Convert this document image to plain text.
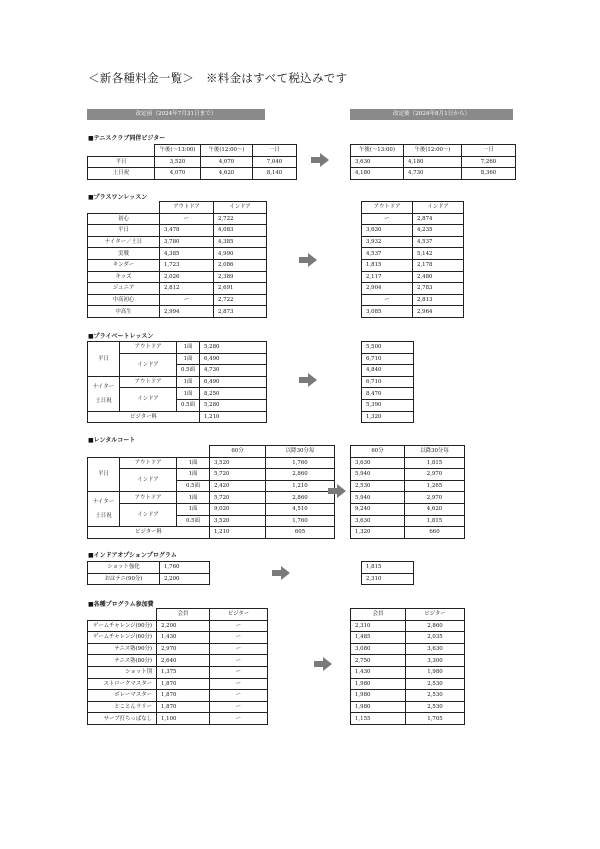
＜新各種料金一覧＞　※料金はすべて税込みです
改定前（2024年7月31日まで）	改定後（2024年8月1日から）
■テニスクラブ同伴ビジター
	午後(～13:00)	午後(12:00～)	一日
平日	3,520	4,070	7,040
土日祝	4,070	4,620	8,140
午後(～13:00)	午後(12:00～)	一日
3,630	4,180	7,260
4,180	4,730	8,360
■プラスワンレッスン
	アウトドア	インドア
初心	ー	2,722
平日	3,478	4,083
ナイター／土日	3,780	4,385
実戦	4,385	4,990
キンダー	1,723	2,086
キッズ	2,026	2,389
ジュニア	2,812	2,691
中高初心	ー	2,722
中高生	2,994	2,873
アウトドア	インドア
ー	2,874
3,630	4,235
3,932	4,537
4,537	5,142
1,815	2,178
2,117	2,480
2,904	2,783
ー	2,813
3,085	2,964
■プライベートレッスン
平日	アウトドア	1面	5,280
	インドア	1面	6,490
		0.5面	4,730
ナイター
土日祝	アウトドア	1面	6,490
	インドア	1面	8,250
		0.5面	5,280
ビジター料			1,210
5,500
6,710
4,840
6,710
8,470
5,390
1,320
■レンタルコート
			60分	以降30分毎
平日	アウトドア	1面	3,520	1,760
	インドア	1面	5,720	2,860
		0.5面	2,420	1,210
ナイター
土日祝	アウトドア	1面	5,720	2,860
	インドア	1面	9,020	4,510
		0.5面	3,520	1,760
ビジター料			1,210	605
60分	以降30分毎
3,630	1,815
5,940	2,970
2,530	1,265
5,940	2,970
9,240	4,620
3,630	1,815
1,320	660
■インドアオプションプログラム
ショット強化	1,760
おはテニ(90分)	2,200
1,815
2,310
■各種プログラム参加費
	会員	ビジター
ゲームチャレンジ(90分)	2,200	ー
ゲームチャレンジ(60分)	1,430	ー
テニス塾(90分)	2,970	ー
テニス塾(80分)	2,640	ー
ショット別	1,375	ー
ストロークマスター	1,870	ー
ボレーマスター	1,870	ー
とことんラリー	1,870	ー
サーブ打ちっぱなし	1,100	ー
会員	ビジター
2,310	2,860
1,485	2,035
3,080	3,630
2,750	3,300
1,430	1,980
1,980	2,530
1,980	2,530
1,980	2,530
1,155	1,705
